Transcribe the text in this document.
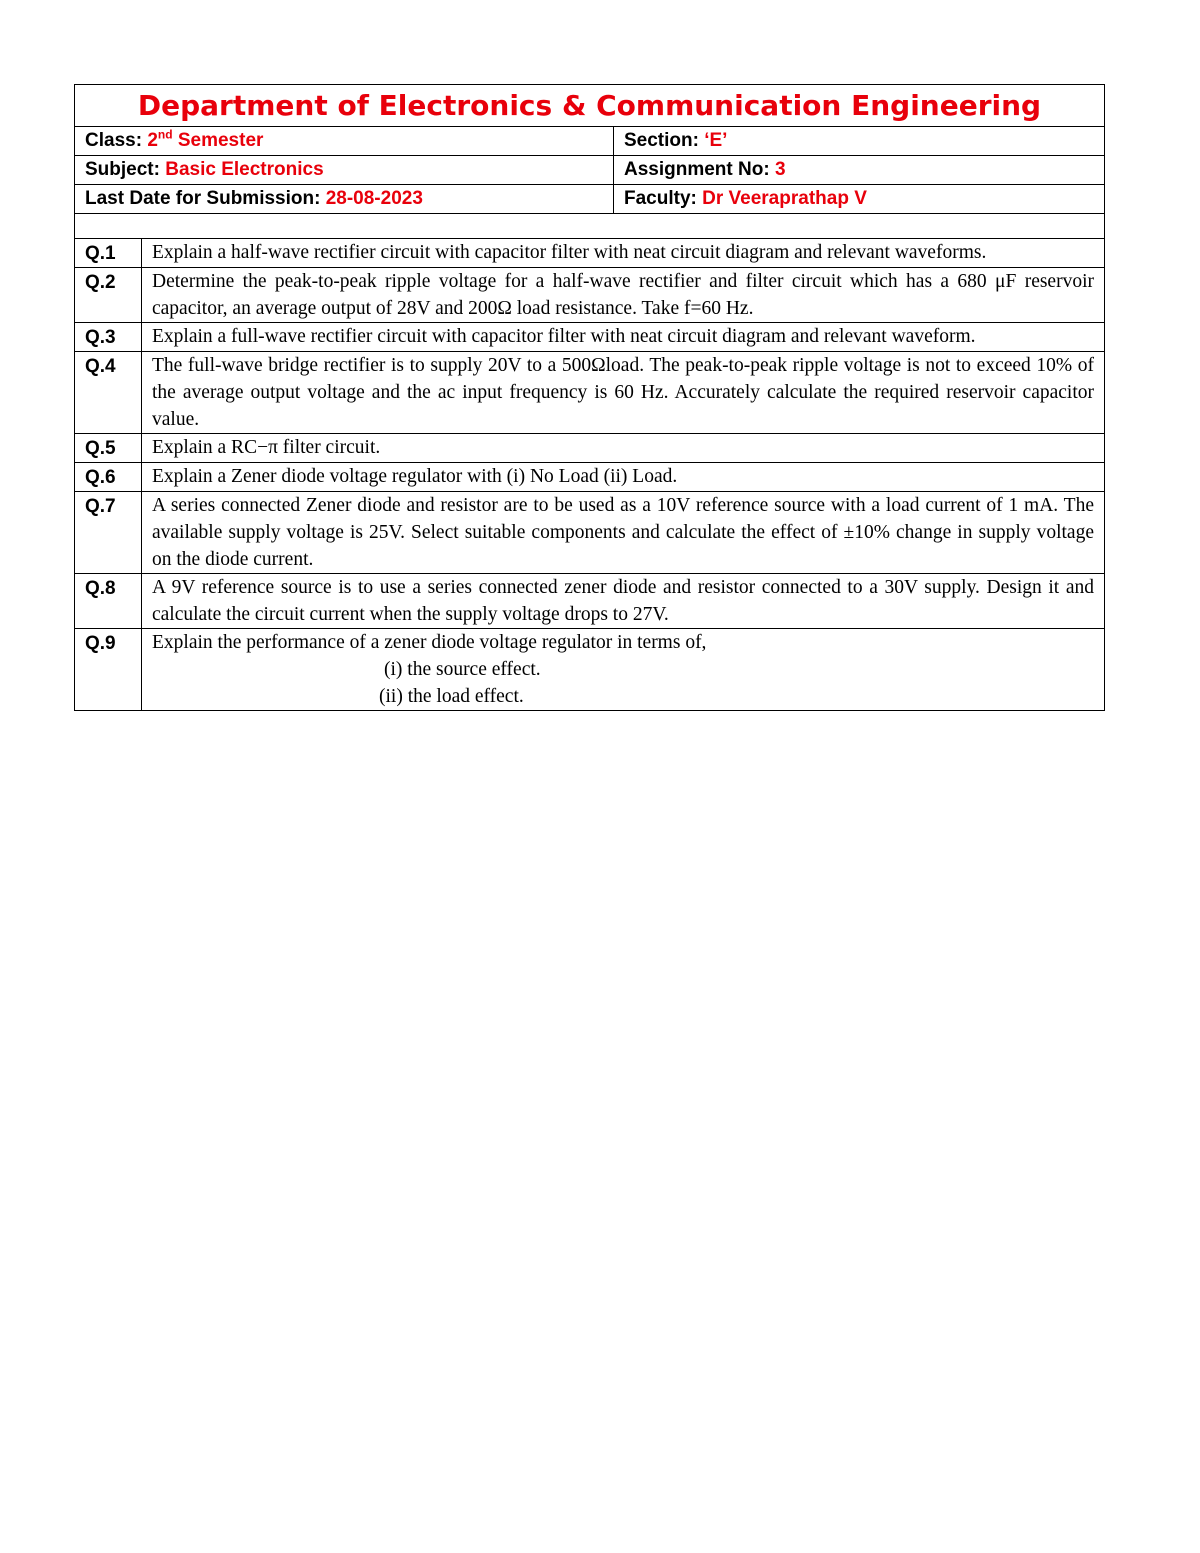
Department of Electronics & Communication Engineering		
Class: 2nd Semester		Section: ‘E’
Subject: Basic Electronics		Assignment No: 3
Last Date for Submission: 28-08-2023		Faculty: Dr Veeraprathap V

Q.1	Explain a half-wave rectifier circuit with capacitor filter with neat circuit diagram and relevant waveforms.	
Q.2	Determine the peak-to-peak ripple voltage for a half-wave rectifier and filter circuit which has a 680 μF reservoir capacitor, an average output of 28V and 200Ω load resistance. Take f=60 Hz.	
Q.3	Explain a full-wave rectifier circuit with capacitor filter with neat circuit diagram and relevant waveform.	
Q.4	The full-wave bridge rectifier is to supply 20V to a 500Ωload. The peak-to-peak ripple voltage is not to exceed 10% of the average output voltage and the ac input frequency is 60 Hz. Accurately calculate the required reservoir capacitor value.	
Q.5	Explain a RC−π filter circuit.	
Q.6	Explain a Zener diode voltage regulator with (i) No Load (ii) Load.	
Q.7	A series connected Zener diode and resistor are to be used as a 10V reference source with a load current of 1 mA. The available supply voltage is 25V. Select suitable components and calculate the effect of ±10% change in supply voltage on the diode current.	
Q.8	A 9V reference source is to use a series connected zener diode and resistor connected to a 30V supply. Design it and calculate the circuit current when the supply voltage drops to 27V.	
Q.9	Explain the performance of a zener diode voltage regulator in terms of,
(i) the source effect.
(ii) the load effect.	
